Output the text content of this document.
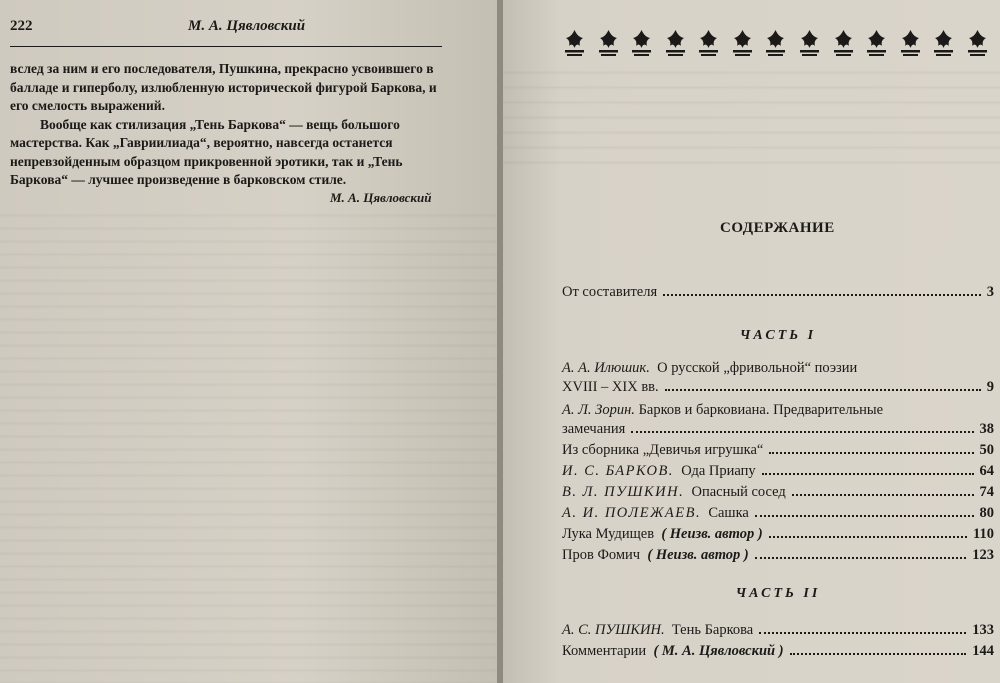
222	М. А. Цявловский

вслед за ним и его последователя, Пушкина, прекрасно усвоившего в балладе и гиперболу, излюбленную исторической фигурой Баркова, и его смелость выражений.

Вообще как стилизация „Тень Баркова“ — вещь большого мастерства. Как „Гавриилиада“, вероятно, навсегда останется непревзойденным образцом прикровенной эротики, так и „Тень Баркова“ — лучшее произведение в барковском стиле.

М. А. Цявловский
СОДЕРЖАНИЕ
От составителя	3
ЧАСТЬ I
А. А. Илюшик. О русской „фривольной“ поэзии
XVIII – XIX вв.	9
А. Л. Зорин. Барков и барковиана. Предварительные
замечания	38
Из сборника „Девичья игрушка“	50
И. С. БАРКОВ. Ода Приапу	64
В. Л. ПУШКИН. Опасный сосед	74
А. И. ПОЛЕЖАЕВ. Сашка	80
Лука Мудищев ( Неизв. автор )	110
Пров Фомич ( Неизв. автор )	123
ЧАСТЬ II
А. С. ПУШКИН. Тень Баркова	133
Комментарии ( М. А. Цявловский )	144
